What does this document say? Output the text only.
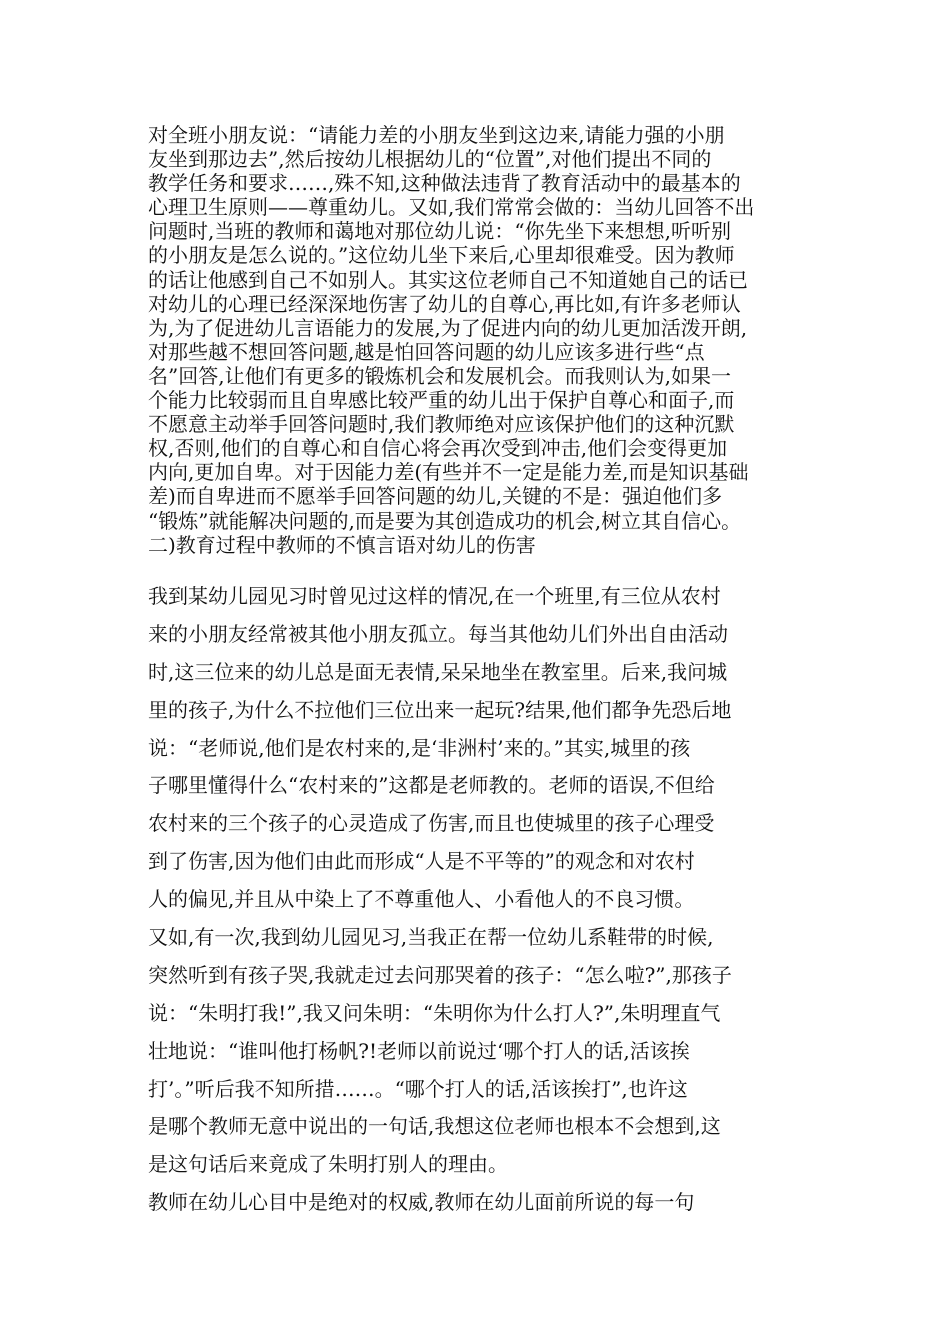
对全班小朋友说：“请能力差的小朋友坐到这边来,请能力强的小朋
友坐到那边去”,然后按幼儿根据幼儿的“位置”,对他们提出不同的
教学任务和要求……,殊不知,这种做法违背了教育活动中的最基本的
心理卫生原则——尊重幼儿。又如,我们常常会做的：当幼儿回答不出
问题时,当班的教师和蔼地对那位幼儿说：“你先坐下来想想,听听别
的小朋友是怎么说的。”这位幼儿坐下来后,心里却很难受。因为教师
的话让他感到自己不如别人。其实这位老师自己不知道她自己的话已
对幼儿的心理已经深深地伤害了幼儿的自尊心,再比如,有许多老师认
为,为了促进幼儿言语能力的发展,为了促进内向的幼儿更加活泼开朗,
对那些越不想回答问题,越是怕回答问题的幼儿应该多进行些“点
名”回答,让他们有更多的锻炼机会和发展机会。而我则认为,如果一
个能力比较弱而且自卑感比较严重的幼儿出于保护自尊心和面子,而
不愿意主动举手回答问题时,我们教师绝对应该保护他们的这种沉默
权,否则,他们的自尊心和自信心将会再次受到冲击,他们会变得更加
内向,更加自卑。对于因能力差(有些并不一定是能力差,而是知识基础
差)而自卑进而不愿举手回答问题的幼儿,关键的不是：强迫他们多
“锻炼”就能解决问题的,而是要为其创造成功的机会,树立其自信心。
二)教育过程中教师的不慎言语对幼儿的伤害
我到某幼儿园见习时曾见过这样的情况,在一个班里,有三位从农村
来的小朋友经常被其他小朋友孤立。每当其他幼儿们外出自由活动
时,这三位来的幼儿总是面无表情,呆呆地坐在教室里。后来,我问城
里的孩子,为什么不拉他们三位出来一起玩?结果,他们都争先恐后地
说：“老师说,他们是农村来的,是‘非洲村’来的。”其实,城里的孩
子哪里懂得什么“农村来的”这都是老师教的。老师的语误,不但给
农村来的三个孩子的心灵造成了伤害,而且也使城里的孩子心理受
到了伤害,因为他们由此而形成“人是不平等的”的观念和对农村
人的偏见,并且从中染上了不尊重他人、小看他人的不良习惯。
又如,有一次,我到幼儿园见习,当我正在帮一位幼儿系鞋带的时候,
突然听到有孩子哭,我就走过去问那哭着的孩子：“怎么啦?”,那孩子
说：“朱明打我!”,我又问朱明：“朱明你为什么打人?”,朱明理直气
壮地说：“谁叫他打杨帆?!老师以前说过‘哪个打人的话,活该挨
打’。”听后我不知所措……。“哪个打人的话,活该挨打”,也许这
是哪个教师无意中说出的一句话,我想这位老师也根本不会想到,这
是这句话后来竟成了朱明打别人的理由。
教师在幼儿心目中是绝对的权威,教师在幼儿面前所说的每一句
